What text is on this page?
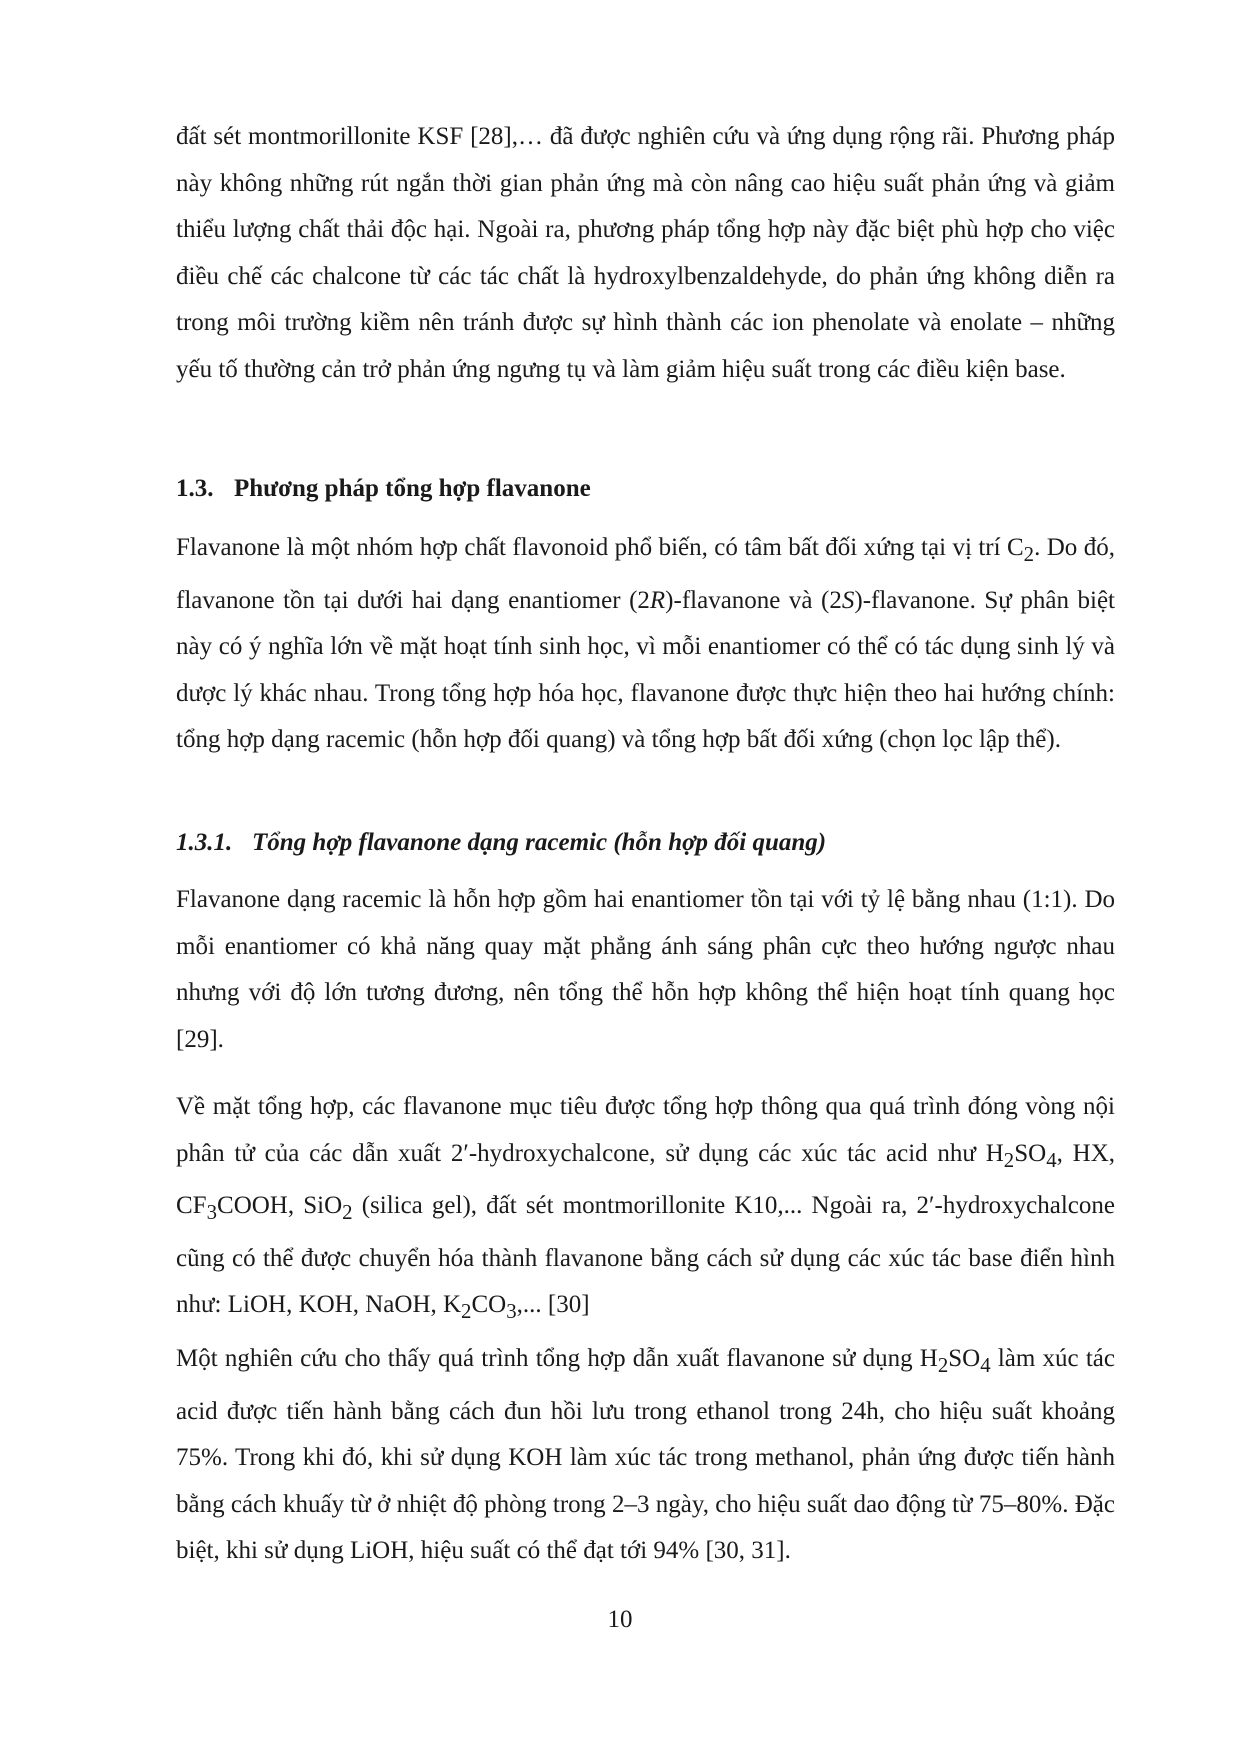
đất sét montmorillonite KSF [28],… đã được nghiên cứu và ứng dụng rộng rãi. Phương pháp này không những rút ngắn thời gian phản ứng mà còn nâng cao hiệu suất phản ứng và giảm thiểu lượng chất thải độc hại. Ngoài ra, phương pháp tổng hợp này đặc biệt phù hợp cho việc điều chế các chalcone từ các tác chất là hydroxylbenzaldehyde, do phản ứng không diễn ra trong môi trường kiềm nên tránh được sự hình thành các ion phenolate và enolate – những yếu tố thường cản trở phản ứng ngưng tụ và làm giảm hiệu suất trong các điều kiện base.

1.3. Phương pháp tổng hợp flavanone

Flavanone là một nhóm hợp chất flavonoid phổ biến, có tâm bất đối xứng tại vị trí $C_2$. Do đó, flavanone tồn tại dưới hai dạng enantiomer (2R)-flavanone và (2S)-flavanone. Sự phân biệt này có ý nghĩa lớn về mặt hoạt tính sinh học, vì mỗi enantiomer có thể có tác dụng sinh lý và dược lý khác nhau. Trong tổng hợp hóa học, flavanone được thực hiện theo hai hướng chính: tổng hợp dạng racemic (hỗn hợp đối quang) và tổng hợp bất đối xứng (chọn lọc lập thể).

1.3.1. Tổng hợp flavanone dạng racemic (hỗn hợp đối quang)

Flavanone dạng racemic là hỗn hợp gồm hai enantiomer tồn tại với tỷ lệ bằng nhau (1:1). Do mỗi enantiomer có khả năng quay mặt phẳng ánh sáng phân cực theo hướng ngược nhau nhưng với độ lớn tương đương, nên tổng thể hỗn hợp không thể hiện hoạt tính quang học [29].

Về mặt tổng hợp, các flavanone mục tiêu được tổng hợp thông qua quá trình đóng vòng nội phân tử của các dẫn xuất 2′-hydroxychalcone, sử dụng các xúc tác acid như $H_2SO_4$, HX, $CF_3COOH$, SiO$_2$ (silica gel), đất sét montmorillonite K10,... Ngoài ra, 2′-hydroxychalcone cũng có thể được chuyển hóa thành flavanone bằng cách sử dụng các xúc tác base điển hình như: LiOH, KOH, NaOH, $K_2CO_3$,... [30]

Một nghiên cứu cho thấy quá trình tổng hợp dẫn xuất flavanone sử dụng $H_2SO_4$ làm xúc tác acid được tiến hành bằng cách đun hồi lưu trong ethanol trong 24h, cho hiệu suất khoảng 75%. Trong khi đó, khi sử dụng KOH làm xúc tác trong methanol, phản ứng được tiến hành bằng cách khuấy từ ở nhiệt độ phòng trong 2–3 ngày, cho hiệu suất dao động từ 75–80%. Đặc biệt, khi sử dụng LiOH, hiệu suất có thể đạt tới 94% [30, 31].

10
